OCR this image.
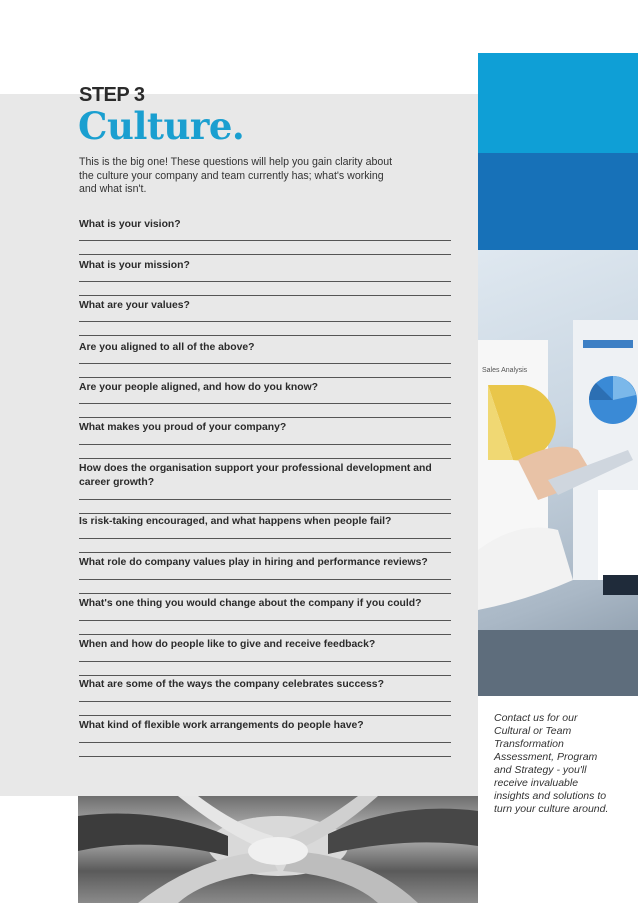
Sales Analysis
Contact us for our Cultural or Team Transformation Assessment, Program and Strategy - you'll receive invaluable insights and solutions to turn your culture around.
STEP 3
Culture.

This is the big one! These questions will help you gain clarity about the culture your company and team currently has; what's working and what isn't.

What is your vision?
What is your mission?
What are your values?
Are you aligned to all of the above?
Are your people aligned, and how do you know?
What makes you proud of your company?
How does the organisation support your professional development and career growth?
Is risk-taking encouraged, and what happens when people fail?
What role do company values play in hiring and performance reviews?
What's one thing you would change about the company if you could?
When and how do people like to give and receive feedback?
What are some of the ways the company celebrates success?
What kind of flexible work arrangements do people have?
